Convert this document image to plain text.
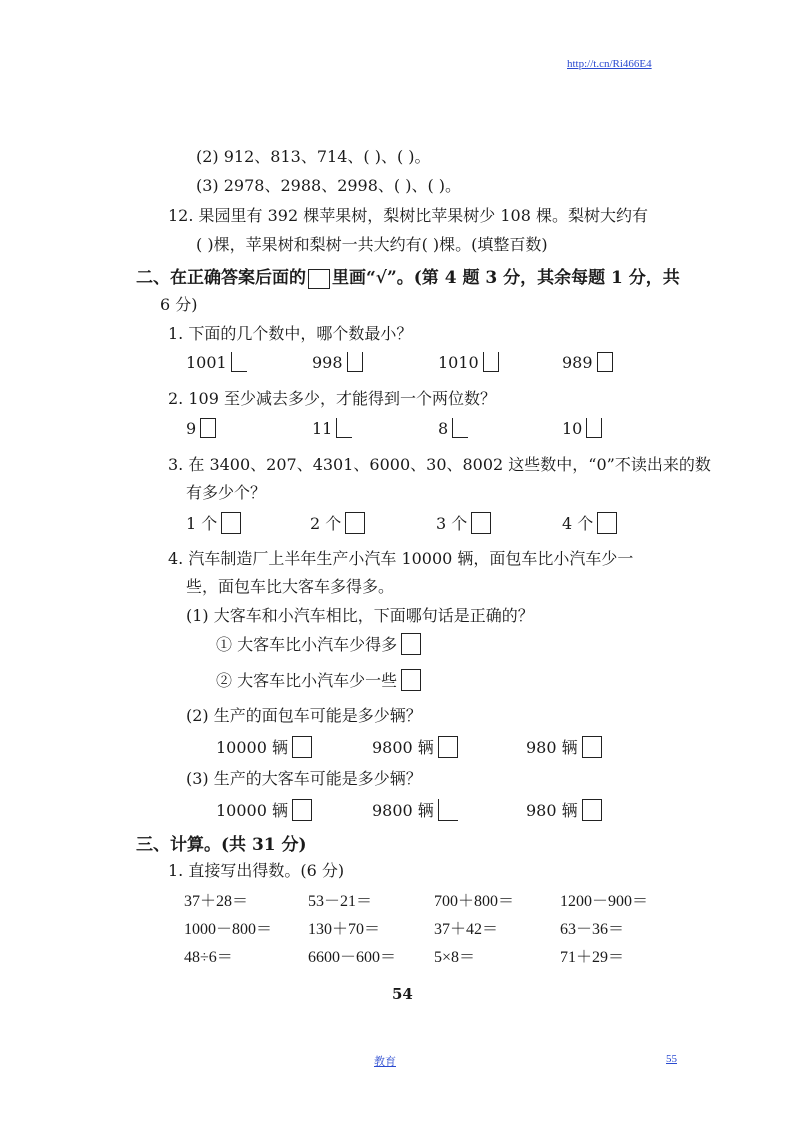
http://t.cn/Ri466E4
(2) 912、813、714、( )、( )。
(3) 2978、2988、2998、( )、( )。
12. 果园里有 392 棵苹果树，梨树比苹果树少 108 棵。梨树大约有
( )棵，苹果树和梨树一共大约有( )棵。(填整百数)
二、在正确答案后面的 里画“√”。(第 4 题 3 分，其余每题 1 分，共
6 分)
1. 下面的几个数中，哪个数最小？
1001	998	1010	989
2. 109 至少减去多少，才能得到一个两位数？
9	11	8	10
3. 在 3400、207、4301、6000、30、8002 这些数中，“0”不读出来的数
有多少个？
1 个	2 个	3 个	4 个
4. 汽车制造厂上半年生产小汽车 10000 辆，面包车比小汽车少一
些，面包车比大客车多得多。
(1) 大客车和小汽车相比，下面哪句话是正确的？
① 大客车比小汽车少得多
② 大客车比小汽车少一些
(2) 生产的面包车可能是多少辆？
10000 辆	9800 辆	980 辆
(3) 生产的大客车可能是多少辆？
10000 辆	9800 辆	980 辆
三、计算。(共 31 分)
1. 直接写出得数。(6 分)
37＋28＝	53－21＝	700＋800＝	1200－900＝
1000－800＝ 130＋70＝	37＋42＝	63－36＝
48÷6＝	6600－600＝ 5×8＝	71＋29＝
54
教育	55
